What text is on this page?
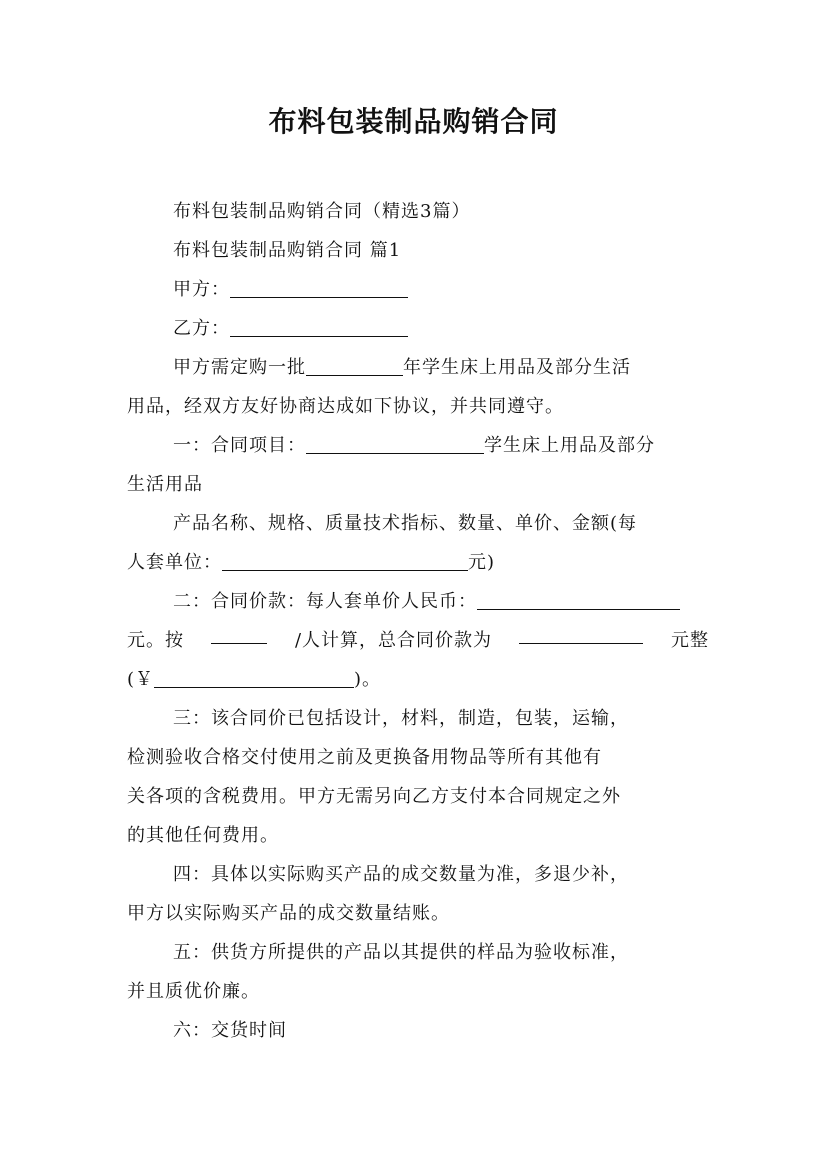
布料包装制品购销合同
布料包装制品购销合同（精选3篇）
布料包装制品购销合同 篇1
甲方：
乙方：
甲方需定购一批	年学生床上用品及部分生活
用品，经双方友好协商达成如下协议，并共同遵守。
一：合同项目：	学生床上用品及部分
生活用品
产品名称、规格、质量技术指标、数量、单价、金额(每
人套单位：	元)
二：合同价款：每人套单价人民币：
元。按	/人计算，总合同价款为	元整
(￥	)。
三：该合同价已包括设计，材料，制造，包装，运输，
检测验收合格交付使用之前及更换备用物品等所有其他有
关各项的含税费用。甲方无需另向乙方支付本合同规定之外
的其他任何费用。
四：具体以实际购买产品的成交数量为准，多退少补，
甲方以实际购买产品的成交数量结账。
五：供货方所提供的产品以其提供的样品为验收标准，
并且质优价廉。
六：交货时间
